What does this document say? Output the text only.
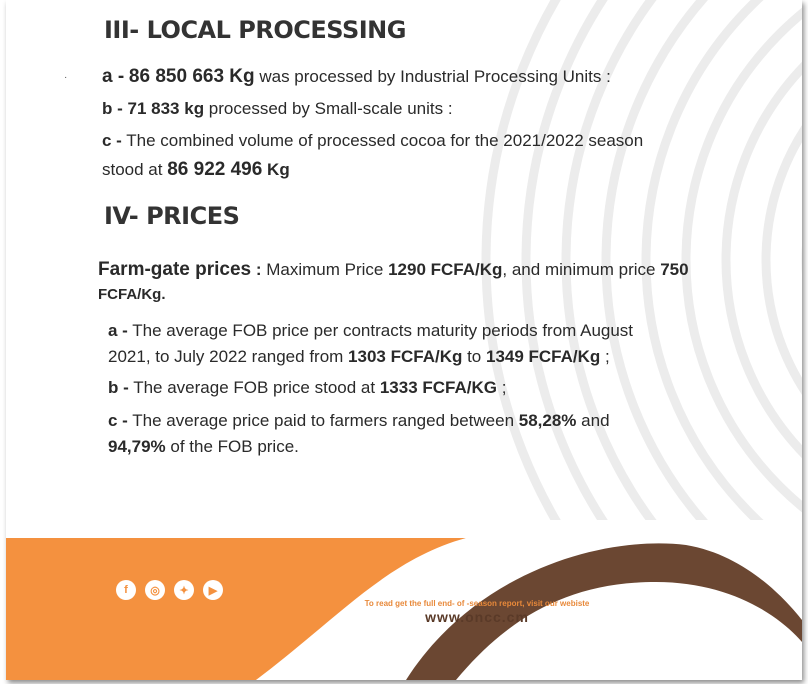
III- LOCAL PROCESSING
· a - 86 850 663 Kg was processed by Industrial Processing Units :
b - 71 833 kg processed by Small-scale units :
c - The combined volume of processed cocoa for the 2021/2022 season
stood at 86 922 496 Kg
IV- PRICES
Farm-gate prices : Maximum Price 1290 FCFA/Kg, and minimum price 750
FCFA/Kg.
a - The average FOB price per contracts maturity periods from August
2021, to July 2022 ranged from 1303 FCFA/Kg to 1349 FCFA/Kg ;
b - The average FOB price stood at 1333 FCFA/KG ;
c - The average price paid to farmers ranged between 58,28% and
94,79% of the FOB price.
f	◎	✦	▶
To read get the full end- of -season report, visit our webiste
www.oncc.cm
